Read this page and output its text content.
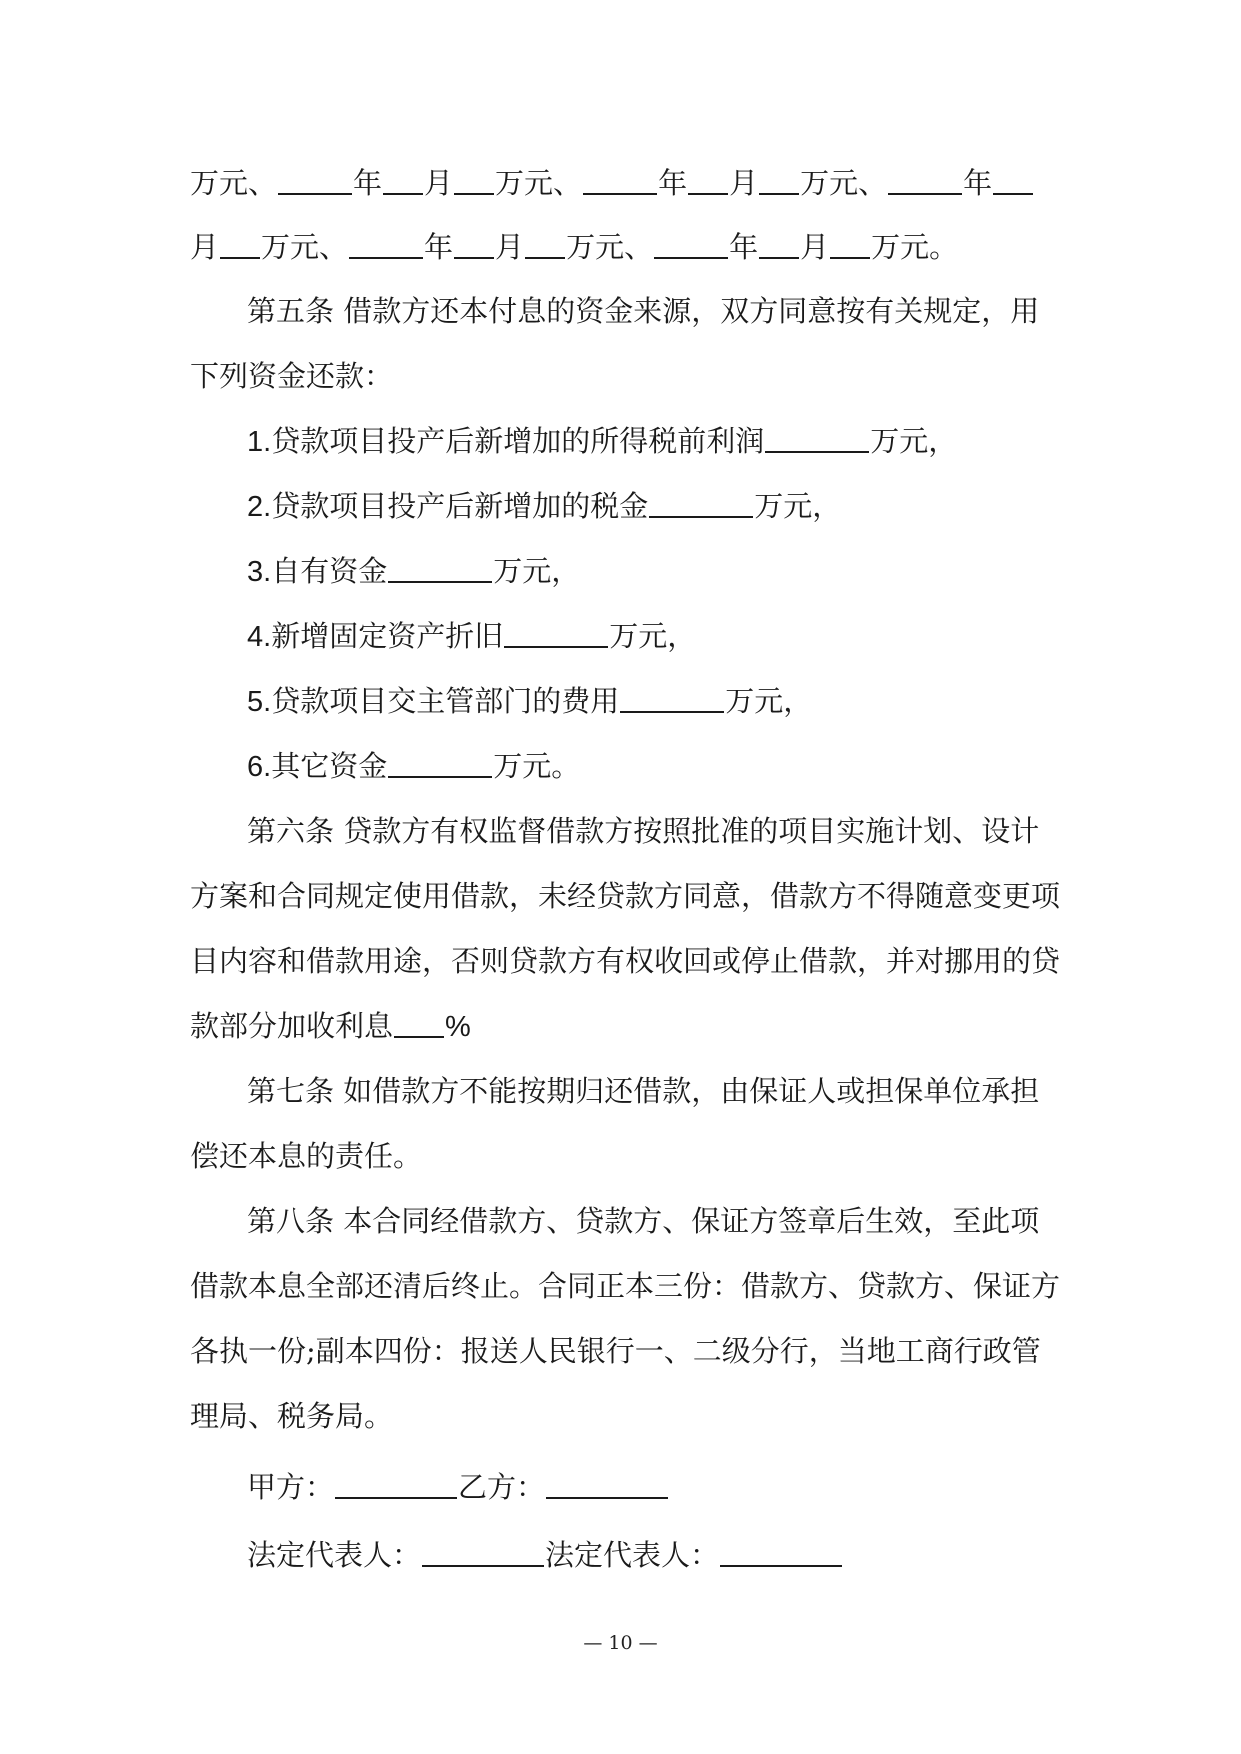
万元、	年 月 万元、	年 月 万元、	年
月 万元、	年 月 万元、	年 月 万元。
第五条 借款方还本付息的资金来源，双方同意按有关规定，用
下列资金还款：
1.贷款项目投产后新增加的所得税前利润	万元，
2.贷款项目投产后新增加的税金	万元，
3.自有资金	万元，
4.新增固定资产折旧	万元，
5.贷款项目交主管部门的费用	万元，
6.其它资金	万元。
第六条 贷款方有权监督借款方按照批准的项目实施计划、设计
方案和合同规定使用借款，未经贷款方同意，借款方不得随意变更项
目内容和借款用途，否则贷款方有权收回或停止借款，并对挪用的贷
款部分加收利息 %
第七条 如借款方不能按期归还借款，由保证人或担保单位承担
偿还本息的责任。
第八条 本合同经借款方、贷款方、保证方签章后生效，至此项
借款本息全部还清后终止。合同正本三份：借款方、贷款方、保证方
各执一份;副本四份：报送人民银行一、二级分行，当地工商行政管
理局、税务局。
甲方：	乙方：
法定代表人：	法定代表人：
— 10 —
